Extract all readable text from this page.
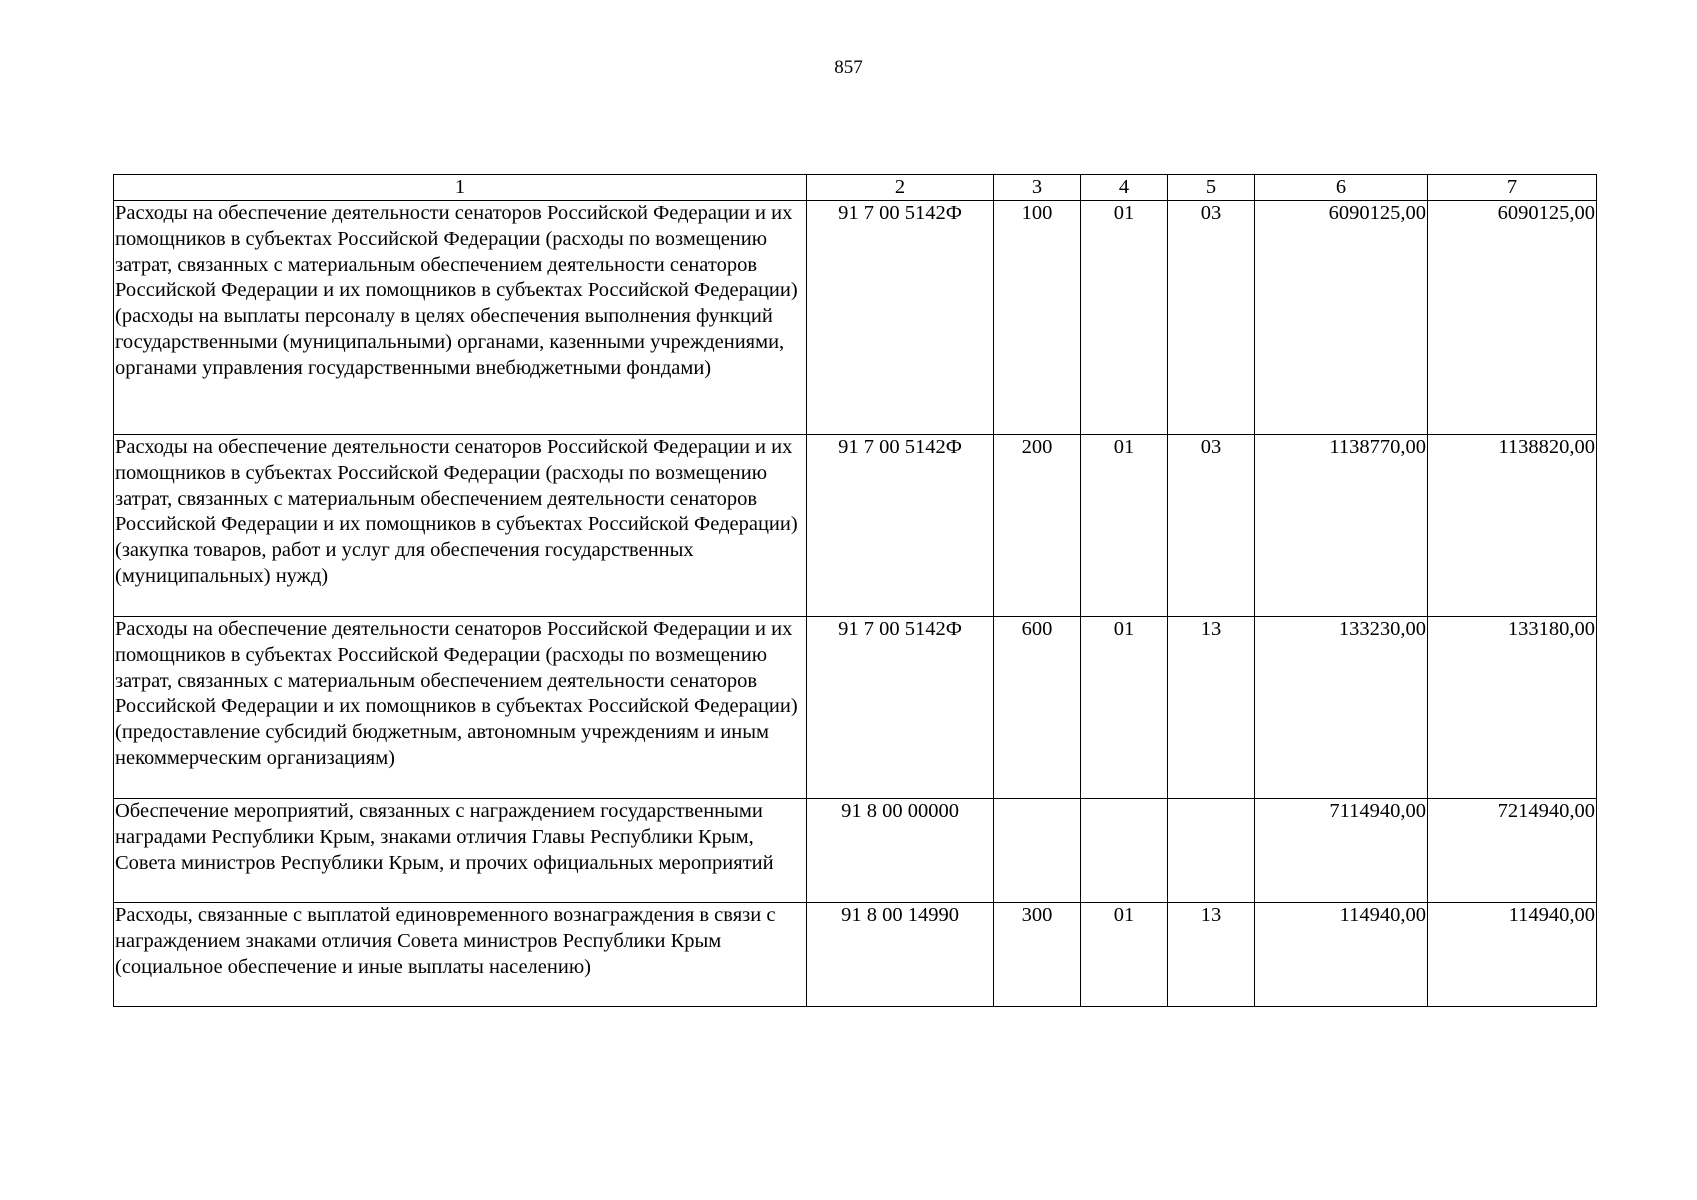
857
1	2	3	4	5	6	7
Расходы на обеспечение деятельности сенаторов Российской Федерации и их помощников в субъектах Российской Федерации (расходы по возмещению затрат, связанных с материальным обеспечением деятельности сенаторов Российской Федерации и их помощников в субъектах Российской Федерации) (расходы на выплаты персоналу в целях обеспечения выполнения функций государственными (муниципальными) органами, казенными учреждениями, органами управления государственными внебюджетными фондами)	91 7 00 5142Ф	100	01	03	6090125,00	6090125,00
Расходы на обеспечение деятельности сенаторов Российской Федерации и их помощников в субъектах Российской Федерации (расходы по возмещению затрат, связанных с материальным обеспечением деятельности сенаторов Российской Федерации и их помощников в субъектах Российской Федерации) (закупка товаров, работ и услуг для обеспечения государственных (муниципальных) нужд)	91 7 00 5142Ф	200	01	03	1138770,00	1138820,00
Расходы на обеспечение деятельности сенаторов Российской Федерации и их помощников в субъектах Российской Федерации (расходы по возмещению затрат, связанных с материальным обеспечением деятельности сенаторов Российской Федерации и их помощников в субъектах Российской Федерации) (предоставление субсидий бюджетным, автономным учреждениям и иным некоммерческим организациям)	91 7 00 5142Ф	600	01	13	133230,00	133180,00
Обеспечение мероприятий, связанных с награждением государственными наградами Республики Крым, знаками отличия Главы Республики Крым, Совета министров Республики Крым, и прочих официальных мероприятий	91 8 00 00000				7114940,00	7214940,00
Расходы, связанные с выплатой единовременного вознаграждения в связи с награждением знаками отличия Совета министров Республики Крым (социальное обеспечение и иные выплаты населению)	91 8 00 14990	300	01	13	114940,00	114940,00
